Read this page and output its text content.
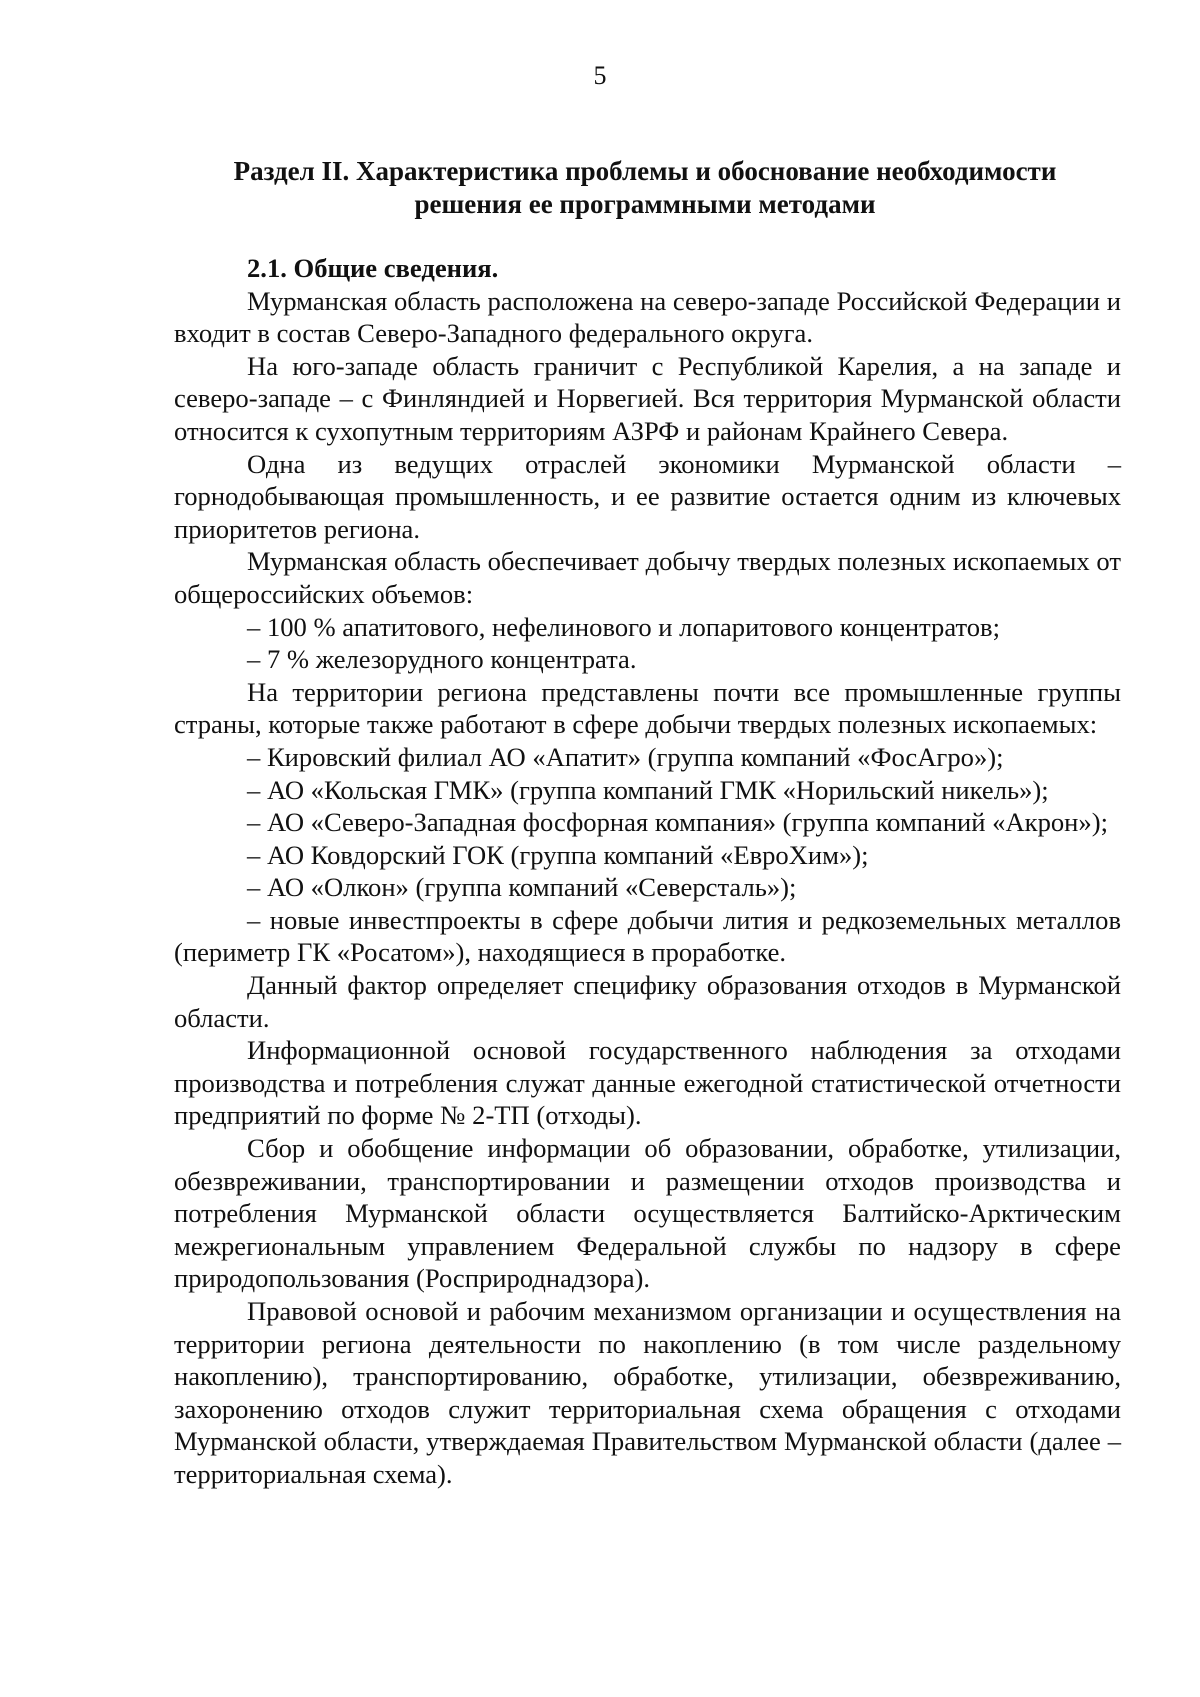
5
Раздел II. Характеристика проблемы и обоснование необходимости
решения ее программными методами

2.1. Общие сведения.

Мурманская область расположена на северо-западе Российской Федерации и входит в состав Северо-Западного федерального округа.

На юго-западе область граничит с Республикой Карелия, а на западе и северо-западе – с Финляндией и Норвегией. Вся территория Мурманской области относится к сухопутным территориям АЗРФ и районам Крайнего Севера.

Одна из ведущих отраслей экономики Мурманской области – горнодобывающая промышленность, и ее развитие остается одним из ключевых приоритетов региона.

Мурманская область обеспечивает добычу твердых полезных ископаемых от общероссийских объемов:

– 100 % апатитового, нефелинового и лопаритового концентратов;

– 7 % железорудного концентрата.

На территории региона представлены почти все промышленные группы страны, которые также работают в сфере добычи твердых полезных ископаемых:

– Кировский филиал АО «Апатит» (группа компаний «ФосАгро»);

– АО «Кольская ГМК» (группа компаний ГМК «Норильский никель»);

– АО «Северо-Западная фосфорная компания» (группа компаний «Акрон»);

– АО Ковдорский ГОК (группа компаний «ЕвроХим»);

– АО «Олкон» (группа компаний «Северсталь»);

– новые инвестпроекты в сфере добычи лития и редкоземельных металлов (периметр ГК «Росатом»), находящиеся в проработке.

Данный фактор определяет специфику образования отходов в Мурманской области.

Информационной основой государственного наблюдения за отходами производства и потребления служат данные ежегодной статистической отчетности предприятий по форме № 2-ТП (отходы).

Сбор и обобщение информации об образовании, обработке, утилизации, обезвреживании, транспортировании и размещении отходов производства и потребления Мурманской области осуществляется Балтийско-Арктическим межрегиональным управлением Федеральной службы по надзору в сфере природопользования (Росприроднадзора).

Правовой основой и рабочим механизмом организации и осуществления на территории региона деятельности по накоплению (в том числе раздельному накоплению), транспортированию, обработке, утилизации, обезвреживанию, захоронению отходов служит территориальная схема обращения с отходами Мурманской области, утверждаемая Правительством Мурманской области (далее – территориальная схема).
